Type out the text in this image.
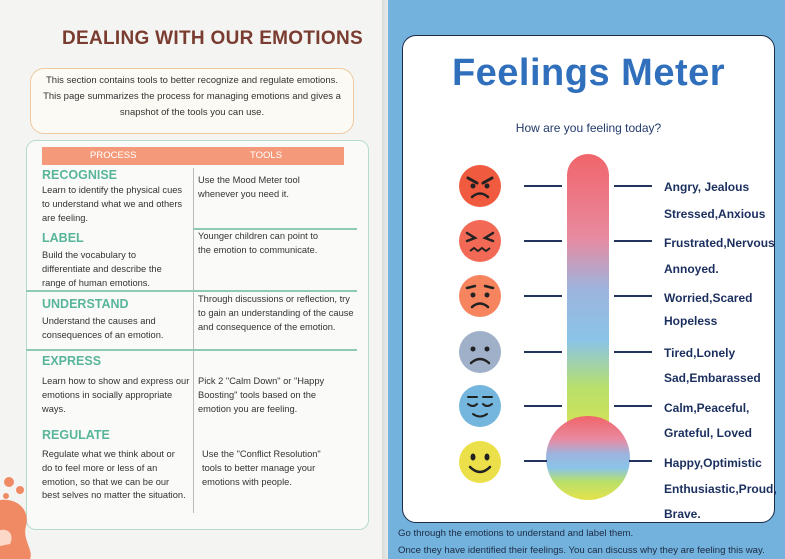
DEALING WITH OUR EMOTIONS
This section contains tools to better recognize and regulate emotions. This page summarizes the process for managing emotions and gives a snapshot of the tools you can use.
PROCESS	TOOLS
RECOGNISE
Learn to identify the physical cues to understand what we and others are feeling.
Use the Mood Meter tool whenever you need it.
LABEL
Build the vocabulary to differentiate and describe the range of human emotions.
Younger children can point to the emotion to communicate.
UNDERSTAND
Understand the causes and consequences of an emotion.
Through discussions or reflection, try to gain an understanding of the cause and consequence of the emotion.
EXPRESS
Learn how to show and express our emotions in socially appropriate ways.
Pick 2 "Calm Down" or "Happy Boosting" tools based on the emotion you are feeling.
REGULATE
Regulate what we think about or do to feel more or less of an emotion, so that we can be our best selves no matter the situation.
Use the "Conflict Resolution" tools to better manage your emotions with people.
Feelings Meter
How are you feeling today?
Angry, Jealous
Stressed,Anxious
Frustrated,Nervous
Annoyed.
Worried,Scared
Hopeless
Tired,Lonely
Sad,Embarassed
Calm,Peaceful,
Grateful, Loved
Happy,Optimistic
Enthusiastic,Proud,
Brave.
Go through the emotions to understand and label them.
Once they have identified their feelings. You can discuss why they are feeling this way.
